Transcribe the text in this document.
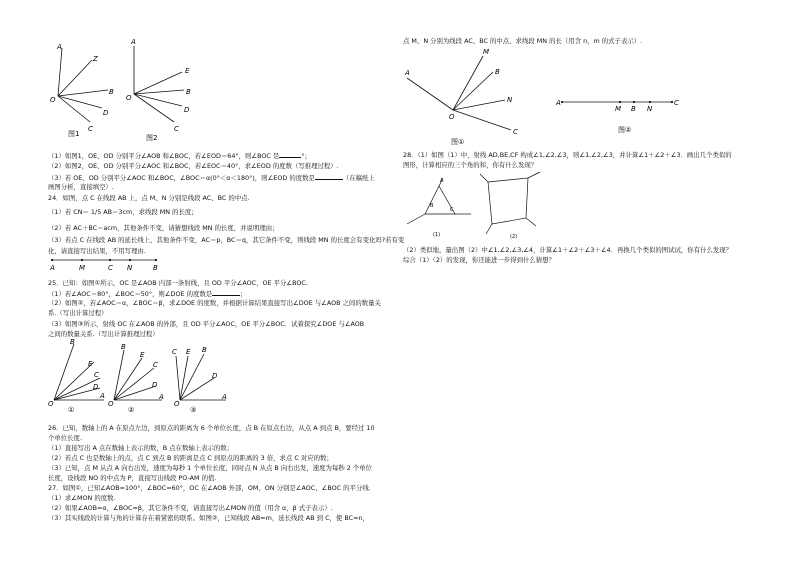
A
Z
B
D
C
O
图1
A
E
B
D
C
O
图2
（1）如图1，OE、OD 分别平分∠AOB 和∠BOC，若∠EOD＝64°，则∠BOC 是	°；
（2）如图2，OE、OD 分别平分∠AOC 和∠BOC，若∠EOC＝40°，求∠EOD 的度数（写推理过程）.
（3）若 OE、OD 分别平分∠AOC 和∠BOC，∠BOC＝α(0°＜α＜180°)，则∠EOD 的度数是	（在稿纸上
画图分析，直接填空）.
24．如图，点 C 在线段 AB 上，点 M、N 分别是线段 AC、BC 的中点.
（1）若 CN＝ 1/5 AB＝3cm，求线段 MN 的长度；
（2）若 AC＋BC＝acm，其他条件不变，请猜想线段 MN 的长度，并说明理由；
（3）若点 C 在线段 AB 的延长线上，其他条件不变，AC＝p，BC＝q，其它条件不变，则线段 MN 的长度会有变化吗?若有变
化，请直接写出结果，不用写理由.
A	M	C N	B
25．已知：如图①所示，OC 是∠AOB 内部一条射线，且 OD 平分∠AOC，OE 平分∠BOC.
（1）若∠AOC＝80°，∠BOC＝50°，则∠DOE 的度数是	；
（2）如图②，若∠AOC＝α，∠BOC＝β，求∠DOE 的度数，并根据计算结果直接写出∠DOE 与∠AOB 之间的数量关
系.（写出计算过程）
（3）如图③所示，射线 OC 在∠AOB 的外部，且 OD 平分∠AOC，OE 平分∠BOC．试着探究∠DOE 与∠AOB
之间的数量关系.（写出计算推理过程）
B
E
C
D
A
O
①
B
E
C
D
A
O
②
C E B
D
A
O
③
26．已知，数轴上的 A 在原点左边，到原点的距离为 6 个单位长度，点 B 在原点右边，从点 A 到点 B，要经过 10
个单位长度.
（1）直接写出 A 点在数轴上表示的数，B 点在数轴上表示的数；
（2）若点 C 也是数轴上的点，点 C 到点 B 的距离是点 C 到原点的距离的 3 倍，求点 C 对应的数；
（3）已知，点 M 从点 A 向右出发，速度为每秒 1 个单位长度，同时点 N 从点 B 向右出发，速度为每秒 2 个单位
长度，设线段 NO 的中点为 P，直接写出线段 PO-AM 的值.
27．如图①，已知∠AOB=100°，∠BOC=60°，OC 在∠AOB 外部，OM、ON 分别是∠AOC、∠BOC 的平分线.
（1）求∠MON 的度数.
（2）如果∠AOB=α，∠BOC=β，其它条件不变，请直接写出∠MON 的值（用含 α，β 式子表示）.
（3）其实线段的计算与角的计算存在着紧密的联系。如图②，已知线段 AB=m，延长线段 AB 到 C，使 BC=n，
点 M、N 分别为线段 AC、BC 的中点，求线段 MN 的长（用含 n，m 的式子表示）.
M
B
N
A
C
O
图①
A
M B N
C
图②
28．（1）如图（1）中，射线 AD,BE,CF 构成∠1,∠2,∠3，则∠1,∠2,∠3，并计算∠1＋∠2＋∠3．画出几个类似的
图形，计算相应的三个角的和，你有什么发现？
A
B
C
(1)	(2)
（2）类似地，量出图（2）中∠1,∠2,∠3,∠4，计算∠1＋∠2＋∠3＋∠4．再换几个类似的图试试，你有什么发现？
综合（1）（2）的发现，你还能进一步得到什么猜想？
